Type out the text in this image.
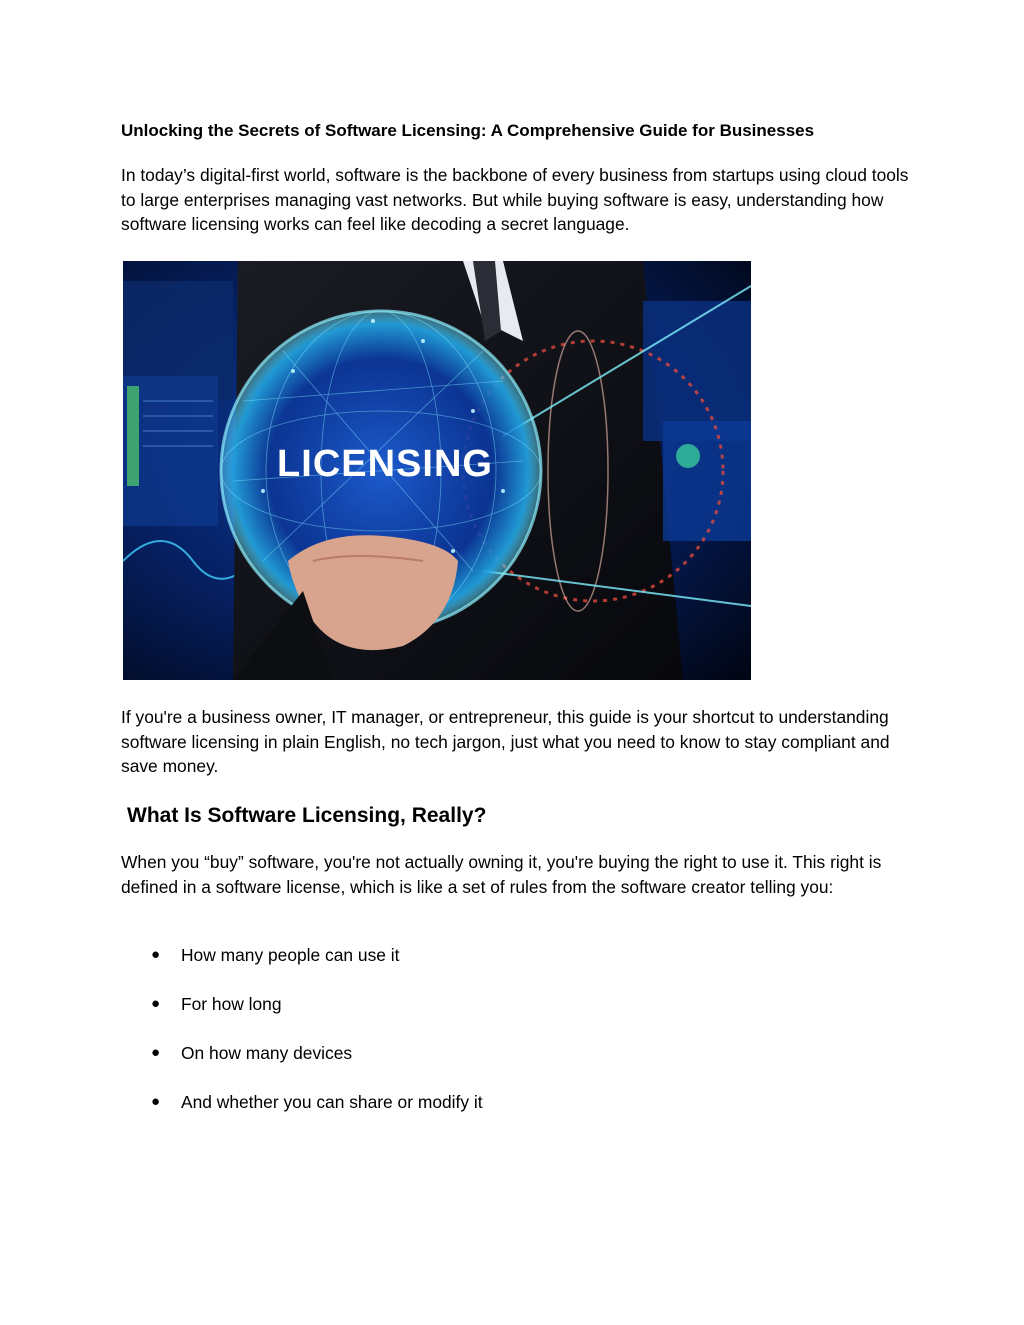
Unlocking the Secrets of Software Licensing: A Comprehensive Guide for Businesses

In today’s digital-first world, software is the backbone of every business from startups using cloud tools to large enterprises managing vast networks. But while buying software is easy, understanding how software licensing works can feel like decoding a secret language.

LICENSING

If you're a business owner, IT manager, or entrepreneur, this guide is your shortcut to understanding software licensing in plain English, no tech jargon, just what you need to know to stay compliant and save money.

What Is Software Licensing, Really?

When you “buy” software, you're not actually owning it, you're buying the right to use it. This right is defined in a software license, which is like a set of rules from the software creator telling you:

● How many people can use it
● For how long
● On how many devices
● And whether you can share or modify it
